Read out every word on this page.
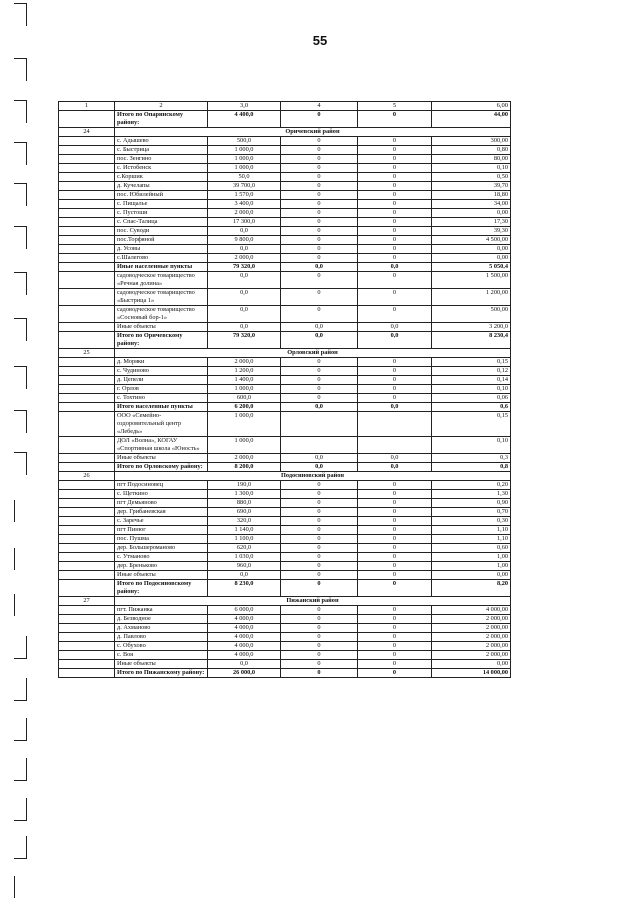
55
1	2	3,0	4	5	6,00
	Итого по Опаринскому району:	4 400,0	0	0	44,00
24	Оричевский район				
	с. Адышево	500,0	0	0	300,00
	с. Быстрица	1 000,0	0	0	0,80
	пос. Зенгино	1 000,0	0	0	80,00
	с. Истобенск	1 000,0	0	0	0,10
	с.Коршик	50,0	0	0	0,50
	д. Кучелапы	39 700,0	0	0	39,70
	пос. Юбилейный	1 570,0	0	0	18,80
	с. Пищалье	3 400,0	0	0	34,00
	с. Пустоши	2 000,0	0	0	0,00
	с. Спас-Талица	17 300,0	0	0	17,30
	пос. Суводи	0,0	0	0	39,30
	пос.Торфяной	9 800,0	0	0	4 500,00
	д. Усовы	0,0	0	0	0,00
	с.Шалегово	2 000,0	0	0	0,00
	Иные населенные пункты	79 320,0	0,0	0,0	5 050,4
	садоводческое товарищество «Речная долина»	0,0	0	0	1 500,00
	садоводческое товарищество «Быстрица 1»	0,0	0	0	1 200,00
	садоводческое товарищество «Сосновый бор-1»	0,0	0	0	500,00
	Иные объекты	0,0	0,0	0,0	3 200,0
	Итого по Оричевскому району:	79 320,0	0,0	0,0	8 230,4
25	Орловский район				
	д. Моряки	2 000,0	0	0	0,15
	с. Чудиново	1 200,0	0	0	0,12
	д. Цепели	1 400,0	0	0	0,14
	г. Орлов	1 000,0	0	0	0,10
	с. Тохтино	600,0	0	0	0,06
	Итого населенные пункты	6 200,0	0,0	0,0	0,6
	ООО «Семейно-оздоровительный центр «Лебедь»	1 000,0			0,15
	ДОЛ «Волна», КОГАУ «Спортивная школа «Юность»	1 000,0			0,10
	Иные объекты	2 000,0	0,0	0,0	0,3
	Итого по Орловскому району:	8 200,0	0,0	0,0	0,8
26	Подосиновский район				
	пгт Подосиновец	190,0	0	0	0,20
	с. Щеткино	1 300,0	0	0	1,30
	пгт Демьяново	880,0	0	0	0,90
	дер. Грибаневская	690,0	0	0	0,70
	с. Заречье	320,0	0	0	0,30
	пгт Пинюг	1 140,0	0	0	1,10
	пос. Пушма	1 100,0	0	0	1,10
	дер. Большероманово	620,0	0	0	0,60
	с. Утманово	1 030,0	0	0	1,00
	дер. Бреньково	960,0	0	0	1,00
	Иные объекты	0,0	0	0	0,00
	Итого по Подосиновскому району:	8 230,0	0	0	8,20
27	Пижанский район				
	пгт. Пижанка	6 000,0	0	0	4 000,00
	д. Безводное	4 000,0	0	0	2 000,00
	д. Ахманово	4 000,0	0	0	2 000,00
	д. Павлово	4 000,0	0	0	2 000,00
	с. Обухово	4 000,0	0	0	2 000,00
	с. Воя	4 000,0	0	0	2 000,00
	Иные объекты	0,0	0	0	0,00
	Итого по Пижанскому району:	26 000,0	0	0	14 000,00
